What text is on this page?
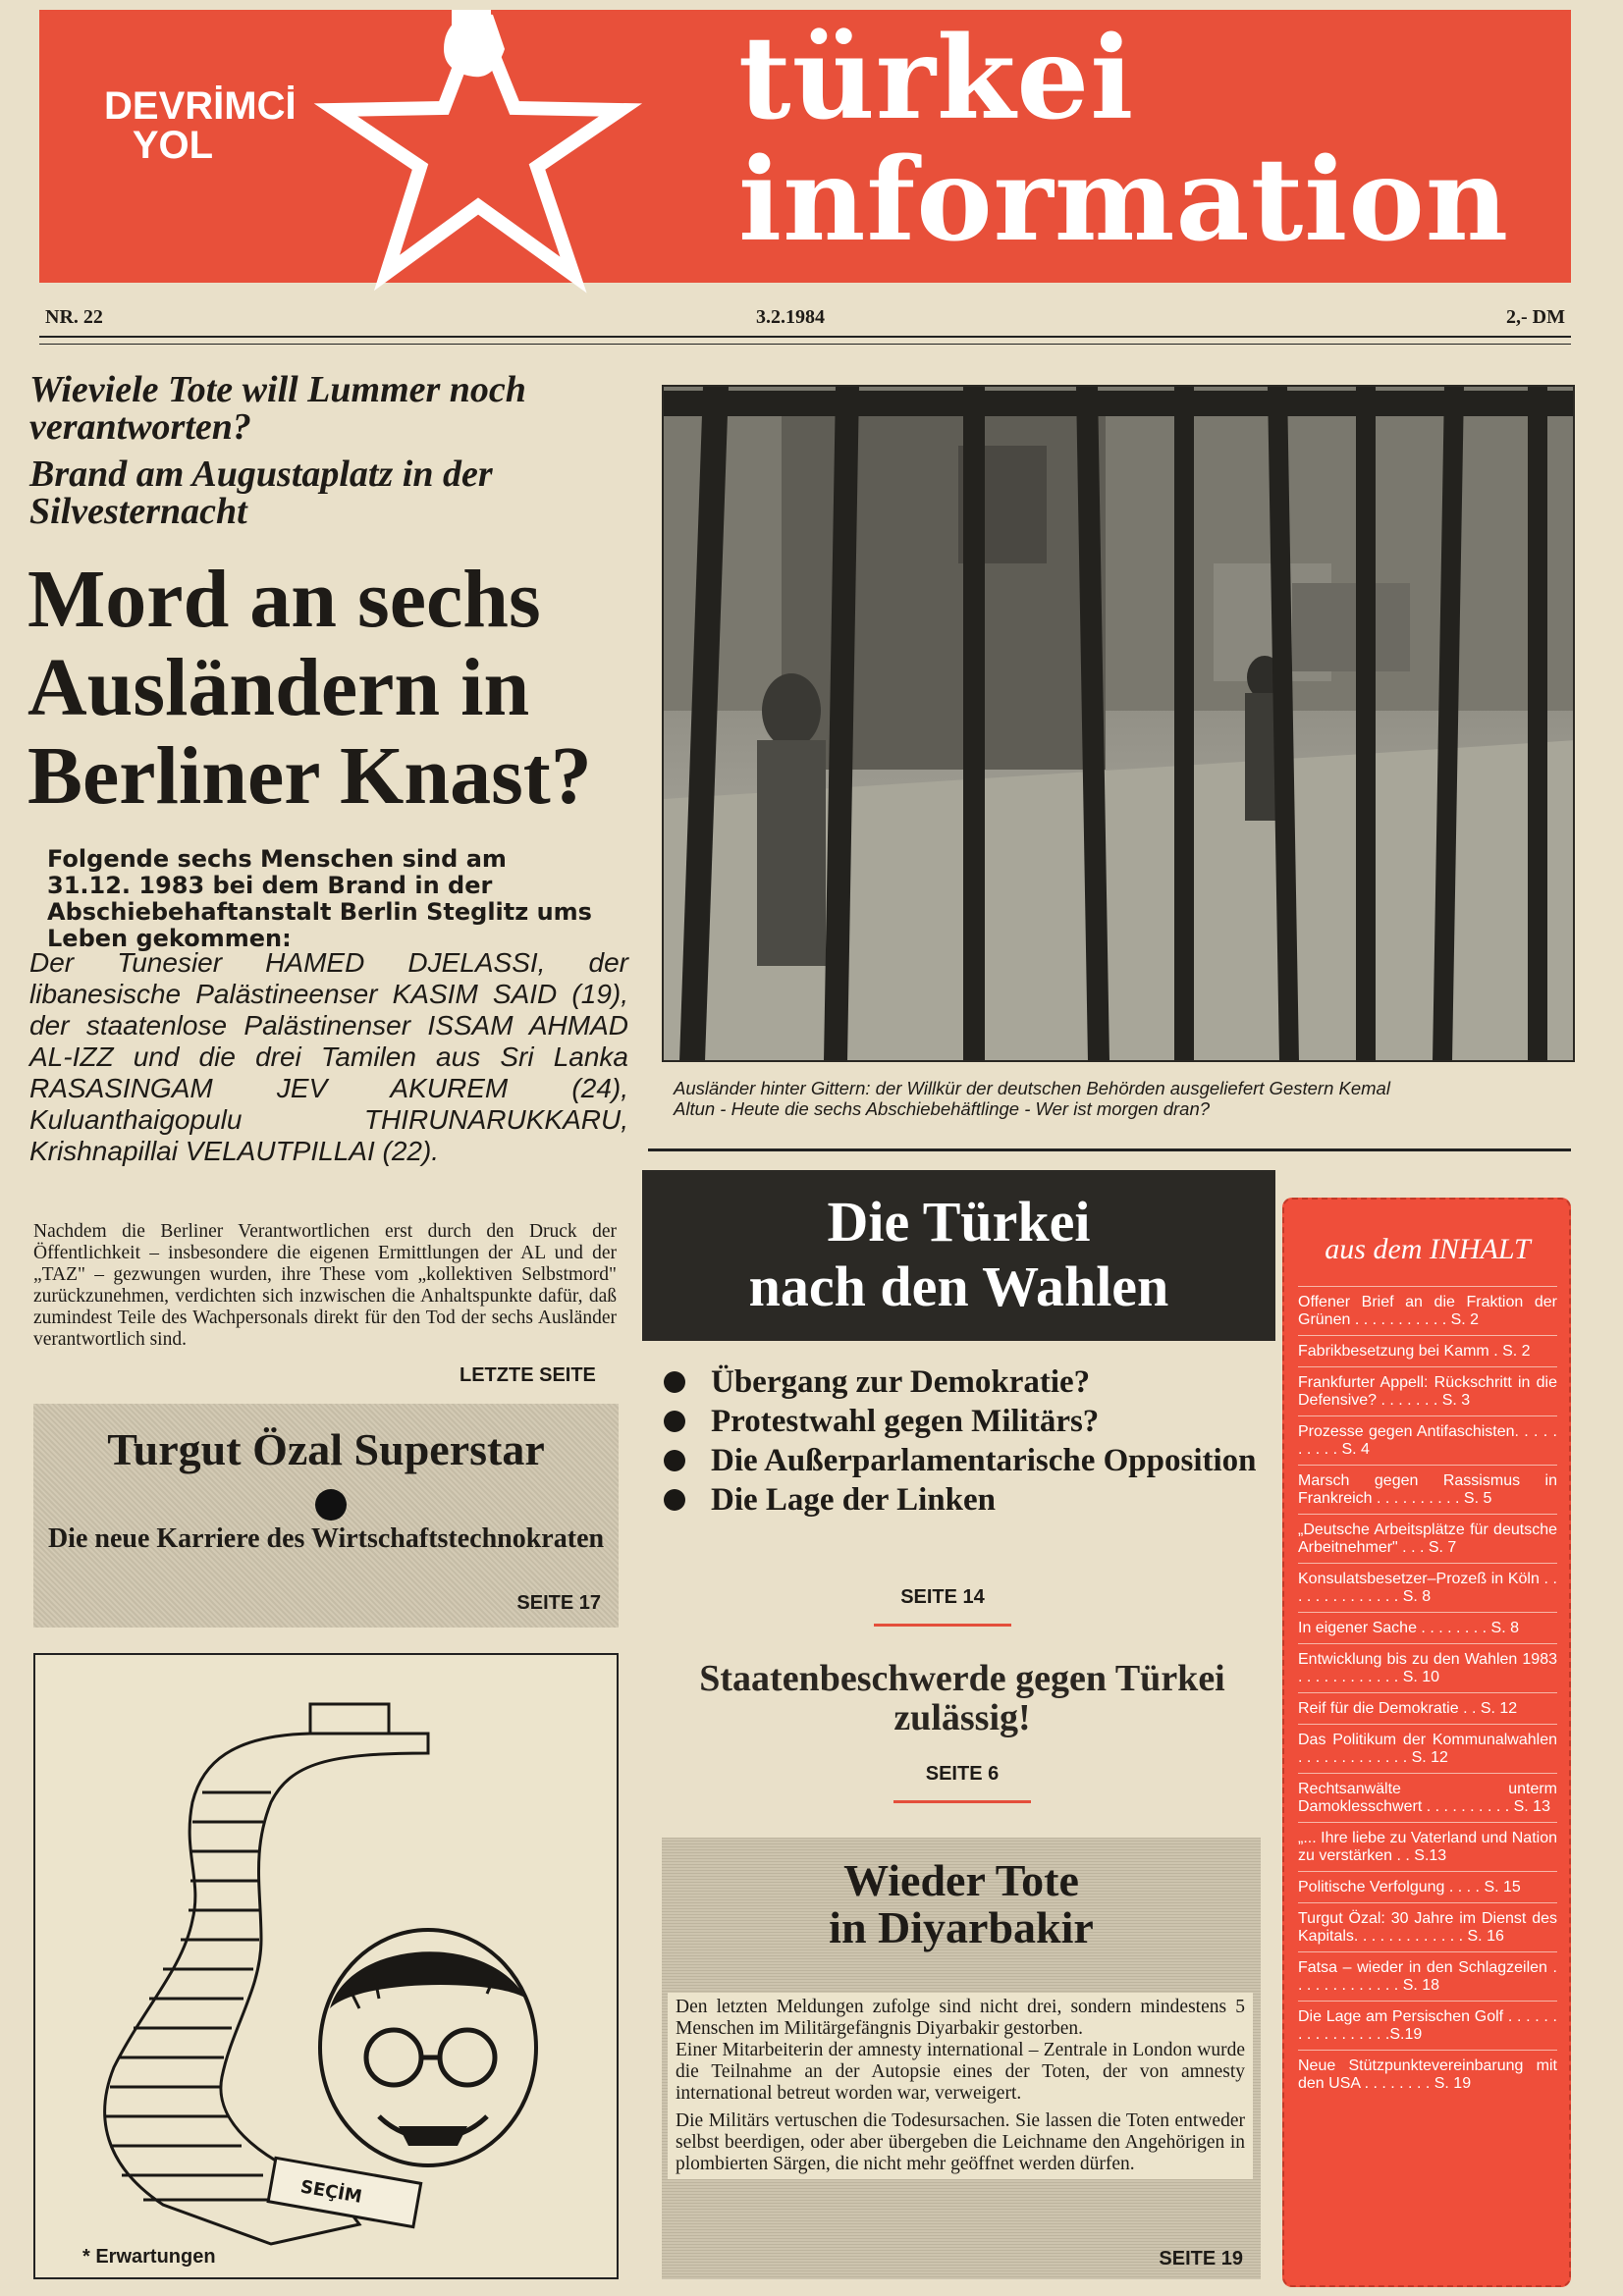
DEVRİMCİ
YOL	türkei
information
NR. 22	3.2.1984	2,- DM
Wieviele Tote will Lummer noch verantworten?
Brand am Augustaplatz in der Silvesternacht
Mord an sechs Ausländern in Berliner Knast?
Folgende sechs Menschen sind am 31.12. 1983 bei dem Brand in der Abschiebehaftanstalt Berlin Steglitz ums Leben gekommen:
Der Tunesier HAMED DJELASSI, der libanesische Palästineenser KASIM SAID (19), der staatenlose Palästinenser ISSAM AHMAD AL-IZZ und die drei Tamilen aus Sri Lanka RASASINGAM JEV AKUREM (24), Kuluanthaigopulu THIRUNARUKKARU, Krishnapillai VELAUTPILLAI (22).
Nachdem die Berliner Verantwortlichen erst durch den Druck der Öffentlichkeit – insbesondere die eigenen Ermittlungen der AL und der „TAZ" – gezwungen wurden, ihre These vom „kollektiven Selbstmord" zurückzunehmen, verdichten sich inzwischen die Anhaltspunkte dafür, daß zumindest Teile des Wachpersonals direkt für den Tod der sechs Ausländer verantwortlich sind.
LETZTE SEITE
Ausländer hinter Gittern: der Willkür der deutschen Behörden ausgeliefert Gestern Kemal Altun - Heute die sechs Abschiebehäftlinge - Wer ist morgen dran?
Turgut Özal Superstar
Die neue Karriere des Wirtschaftstechnokraten
SEITE 17
SEÇİM
* Erwartungen
Die Türkei
nach den Wahlen
Übergang zur Demokratie?
Protestwahl gegen Militärs?
Die Außerparlamentarische Opposition
Die Lage der Linken
SEITE 14
Staatenbeschwerde gegen Türkei zulässig!
SEITE 6
Wieder Tote
in Diyarbakir

Den letzten Meldungen zufolge sind nicht drei, sondern mindestens 5 Menschen im Militärgefängnis Diyarbakir gestorben.

Einer Mitarbeiterin der amnesty international – Zentrale in London wurde die Teilnahme an der Autopsie eines der Toten, der von amnesty international betreut worden war, verweigert.

Die Militärs vertuschen die Todesursachen. Sie lassen die Toten entweder selbst beerdigen, oder aber übergeben die Leichname den Angehörigen in plombierten Särgen, die nicht mehr geöffnet werden dürfen.

SEITE 19
aus dem INHALT
Offener Brief an die Fraktion der Grünen . . . . . . . . . . . S. 2
Fabrikbesetzung bei Kamm . S. 2
Frankfurter Appell: Rückschritt in die Defensive? . . . . . . . S. 3
Prozesse gegen Antifaschisten. . . . . . . . . . S. 4
Marsch gegen Rassismus in Frankreich . . . . . . . . . . S. 5
„Deutsche Arbeitsplätze für deutsche Arbeitnehmer" . . . S. 7
Konsulatsbesetzer–Prozeß in Köln . . . . . . . . . . . . . . S. 8
In eigener Sache . . . . . . . . S. 8
Entwicklung bis zu den Wahlen 1983 . . . . . . . . . . . . S. 10
Reif für die Demokratie . . S. 12
Das Politikum der Kommunalwahlen . . . . . . . . . . . . . S. 12
Rechtsanwälte unterm Damoklesschwert . . . . . . . . . . S. 13
„... Ihre liebe zu Vaterland und Nation zu verstärken . . S.13
Politische Verfolgung . . . . S. 15
Turgut Özal: 30 Jahre im Dienst des Kapitals. . . . . . . . . . . . . S. 16
Fatsa – wieder in den Schlagzeilen . . . . . . . . . . . . . S. 18
Die Lage am Persischen Golf . . . . . . . . . . . . . . . . .S.19
Neue Stützpunktevereinbarung mit den USA . . . . . . . . S. 19
